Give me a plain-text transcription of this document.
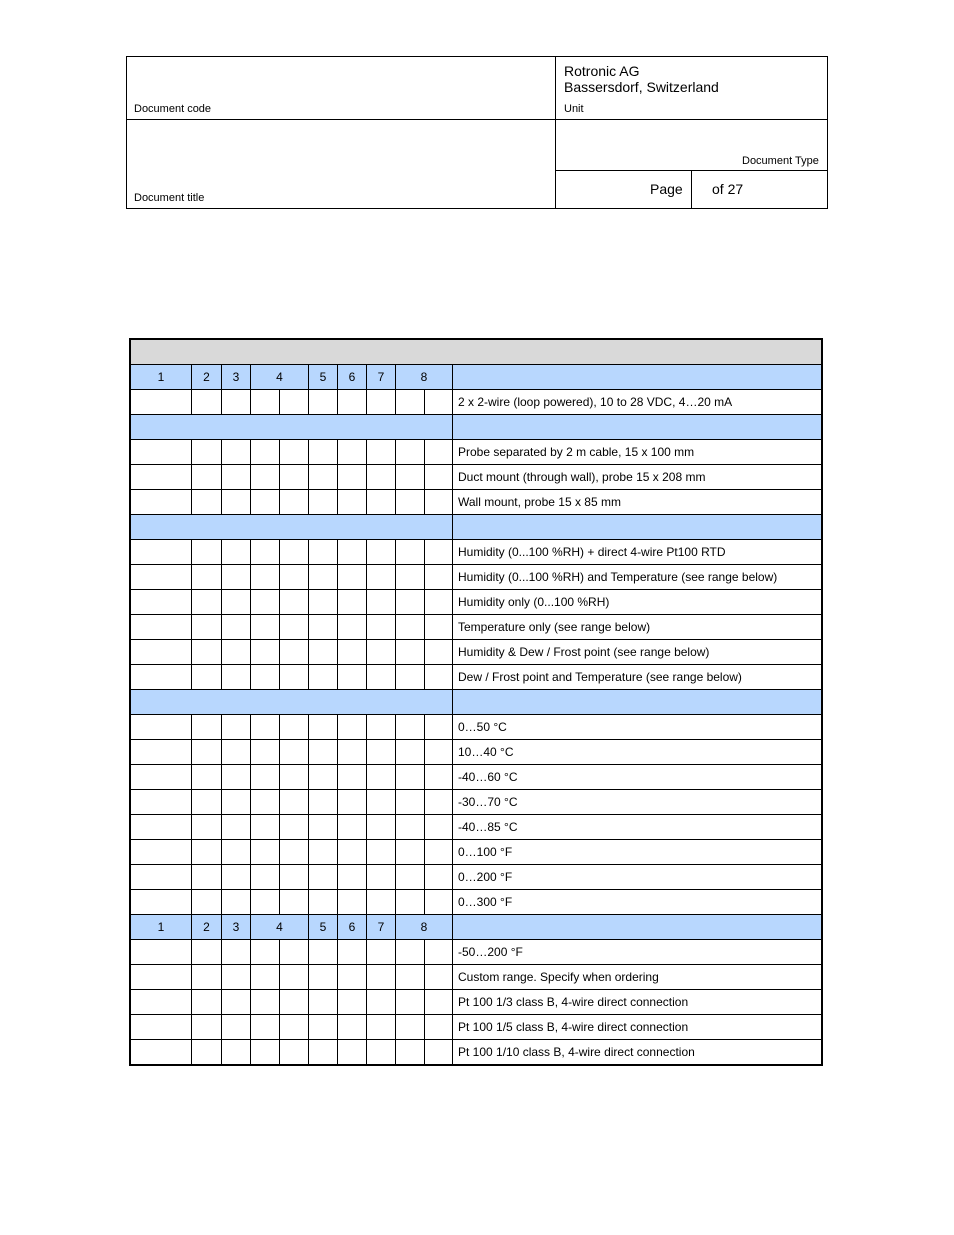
Document code
Document title
Rotronic AG
Bassersdorf, Switzerland
Unit
Document Type
Page of 27
1	2	3	4	5	6	7	8
2 x 2-wire (loop powered), 10 to 28 VDC, 4…20 mA
Probe separated by 2 m cable, 15 x 100 mm
Duct mount (through wall), probe 15 x 208 mm
Wall mount, probe 15 x 85 mm
Humidity (0...100 %RH) + direct 4-wire Pt100 RTD
Humidity (0...100 %RH) and Temperature (see range below)
Humidity only (0...100 %RH)
Temperature only (see range below)
Humidity & Dew / Frost point (see range below)
Dew / Frost point and Temperature (see range below)
0…50 °C
10…40 °C
-40…60 °C
-30…70 °C
-40…85 °C
0…100 °F
0…200 °F
0…300 °F
1	2	3	4	5	6	7	8
-50…200 °F
Custom range. Specify when ordering
Pt 100 1/3 class B, 4-wire direct connection
Pt 100 1/5 class B, 4-wire direct connection
Pt 100 1/10 class B, 4-wire direct connection
